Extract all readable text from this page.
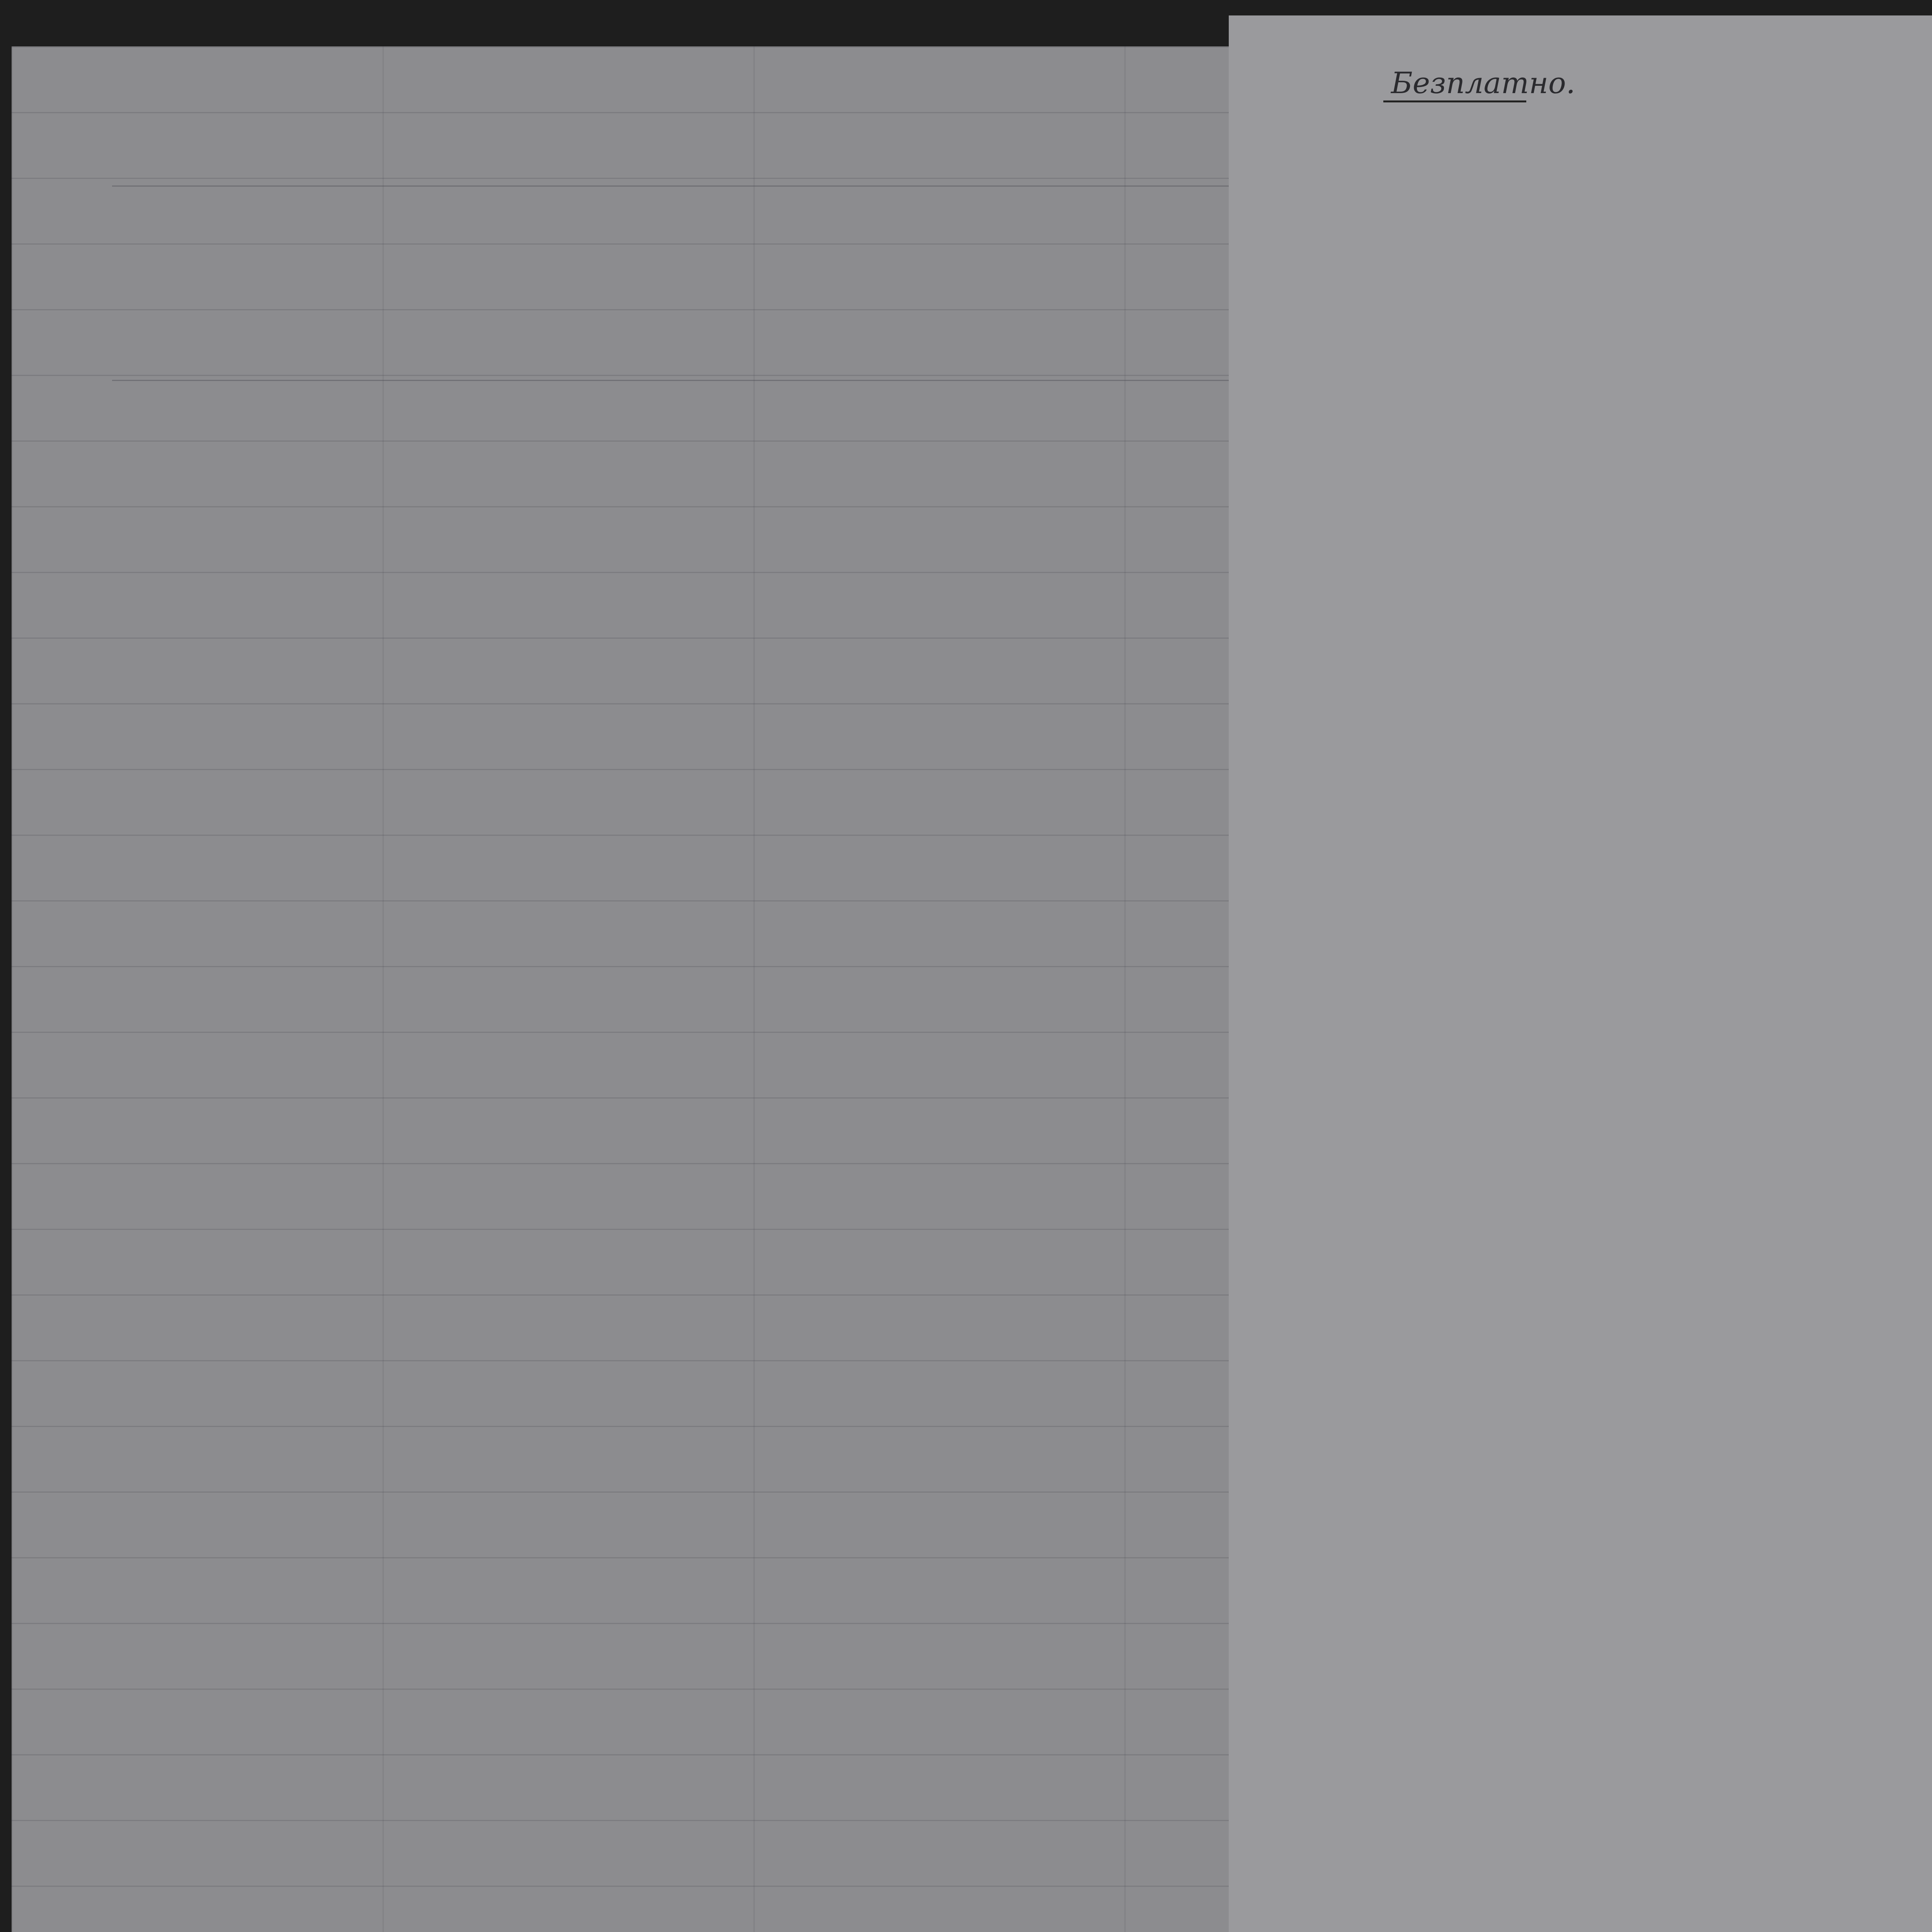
Безплатно.
